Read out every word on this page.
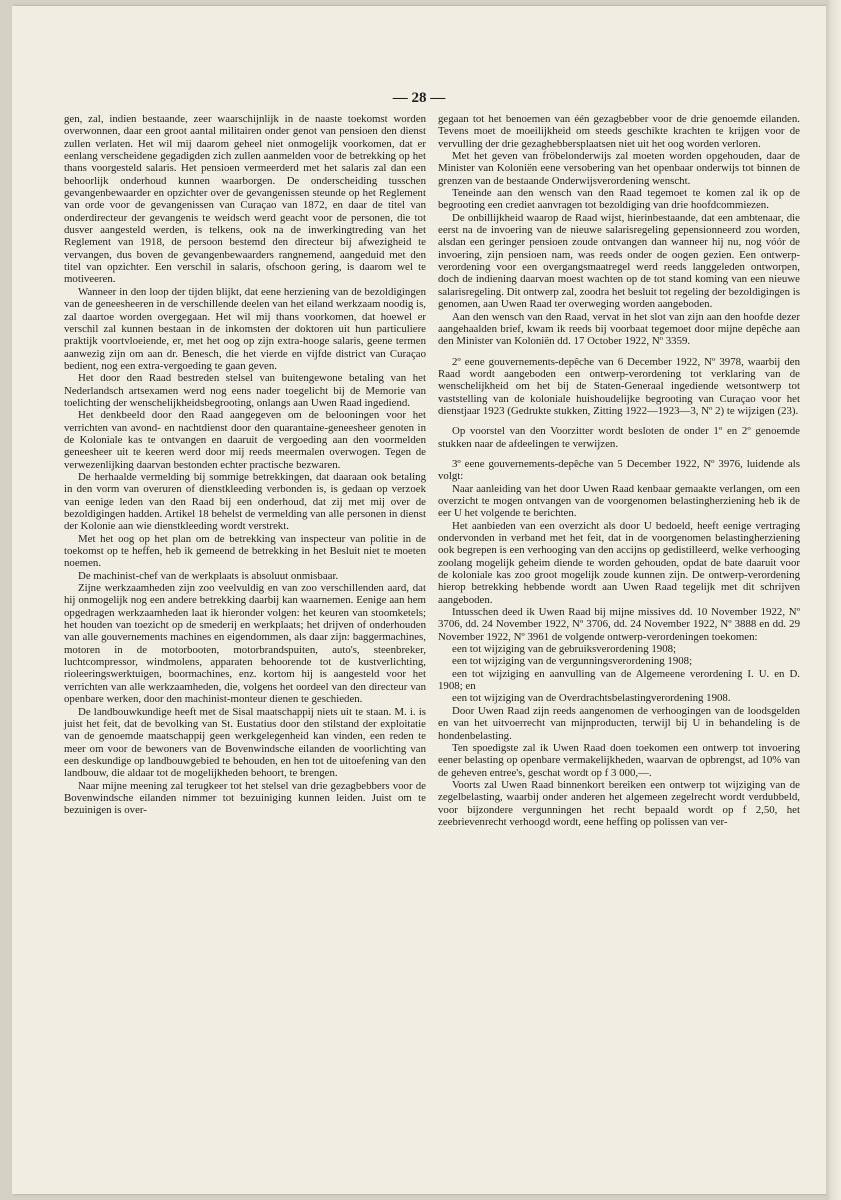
— 28 —

gen, zal, indien bestaande, zeer waarschijnlijk in de naaste toekomst worden overwonnen, daar een groot aantal militairen onder genot van pensioen den dienst zullen verlaten. Het wil mij daarom geheel niet onmogelijk voorkomen, dat er eenlang verscheidene gegadigden zich zullen aanmelden voor de betrekking op het thans voorgesteld salaris. Het pensioen vermeerderd met het salaris zal dan een behoorlijk onderhoud kunnen waarborgen. De onderscheiding tusschen gevangenbewaarder en opzichter over de gevangenissen steunde op het Reglement van orde voor de gevangenissen van Curaçao van 1872, en daar de titel van onderdirecteur der gevangenis te weidsch werd geacht voor de personen, die tot dusver aangesteld werden, is telkens, ook na de inwerkingtreding van het Reglement van 1918, de persoon bestemd den directeur bij afwezigheid te vervangen, dus boven de gevangenbewaarders rangnemend, aangeduid met den titel van opzichter. Een verschil in salaris, ofschoon gering, is daarom wel te motiveeren.

Wanneer in den loop der tijden blijkt, dat eene herziening van de bezoldigingen van de geneesheeren in de verschillende deelen van het eiland werkzaam noodig is, zal daartoe worden overgegaan. Het wil mij thans voorkomen, dat hoewel er verschil zal kunnen bestaan in de inkomsten der doktoren uit hun particuliere praktijk voortvloeiende, er, met het oog op zijn extra-hooge salaris, geene termen aanwezig zijn om aan dr. Benesch, die het vierde en vijfde district van Curaçao bedient, nog een extra-vergoeding te gaan geven.

Het door den Raad bestreden stelsel van buitengewone betaling van het Nederlandsch artsexamen werd nog eens nader toegelicht bij de Memorie van toelichting der wenschelijkheidsbegrooting, onlangs aan Uwen Raad ingediend.

Het denkbeeld door den Raad aangegeven om de belooningen voor het verrichten van avond- en nachtdienst door den quarantaine-geneesheer genoten in de Koloniale kas te ontvangen en daaruit de vergoeding aan den voormelden geneesheer uit te keeren werd door mij reeds meermalen overwogen. Tegen de verwezenlijking daarvan bestonden echter practische bezwaren.

De herhaalde vermelding bij sommige betrekkingen, dat daaraan ook betaling in den vorm van overuren of dienstkleeding verbonden is, is gedaan op verzoek van eenige leden van den Raad bij een onderhoud, dat zij met mij over de bezoldigingen hadden. Artikel 18 behelst de vermelding van alle personen in dienst der Kolonie aan wie dienstkleeding wordt verstrekt.

Met het oog op het plan om de betrekking van inspecteur van politie in de toekomst op te heffen, heb ik gemeend de betrekking in het Besluit niet te moeten noemen.

De machinist-chef van de werkplaats is absoluut onmisbaar.

Zijne werkzaamheden zijn zoo veelvuldig en van zoo verschillenden aard, dat hij onmogelijk nog een andere betrekking daarbij kan waarnemen. Eenige aan hem opgedragen werkzaamheden laat ik hieronder volgen: het keuren van stoomketels; het houden van toezicht op de smederij en werkplaats; het drijven of onderhouden van alle gouvernements machines en eigendommen, als daar zijn: baggermachines, motoren in de motorbooten, motorbrandspuiten, auto's, steenbreker, luchtcompressor, windmolens, apparaten behoorende tot de kustverlichting, rioleeringswerktuigen, boormachines, enz. kortom hij is aangesteld voor het verrichten van alle werkzaamheden, die, volgens het oordeel van den directeur van openbare werken, door den machinist-monteur dienen te geschieden.

De landbouwkundige heeft met de Sisal maatschappij niets uit te staan. M. i. is juist het feit, dat de bevolking van St. Eustatius door den stilstand der exploitatie van de genoemde maatschappij geen werkgelegenheid kan vinden, een reden te meer om voor de bewoners van de Bovenwindsche eilanden de voorlichting van een deskundige op landbouwgebied te behouden, en hen tot de uitoefening van den landbouw, die aldaar tot de mogelijkheden behoort, te brengen.

Naar mijne meening zal terugkeer tot het stelsel van drie gezagbebbers voor de Bovenwindsche eilanden nimmer tot bezuiniging kunnen leiden. Juist om te bezuinigen is over-

gegaan tot het benoemen van één gezagbebber voor de drie genoemde eilanden. Tevens moet de moeilijkheid om steeds geschikte krachten te krijgen voor de vervulling der drie gezaghebbersplaatsen niet uit het oog worden verloren.

Met het geven van fröbelonderwijs zal moeten worden opgehouden, daar de Minister van Koloniën eene versobering van het openbaar onderwijs tot binnen de grenzen van de bestaande Onderwijsverordening wenscht.

Teneinde aan den wensch van den Raad tegemoet te komen zal ik op de begrooting een crediet aanvragen tot bezoldiging van drie hoofdcommiezen.

De onbillijkheid waarop de Raad wijst, hierinbestaande, dat een ambtenaar, die eerst na de invoering van de nieuwe salarisregeling gepensionneerd zou worden, alsdan een geringer pensioen zoude ontvangen dan wanneer hij nu, nog vóór de invoering, zijn pensioen nam, was reeds onder de oogen gezien. Een ontwerp-verordening voor een overgangsmaatregel werd reeds langgeleden ontworpen, doch de indiening daarvan moest wachten op de tot stand koming van een nieuwe salarisregeling. Dit ontwerp zal, zoodra het besluit tot regeling der bezoldigingen is genomen, aan Uwen Raad ter overweging worden aangeboden.

Aan den wensch van den Raad, vervat in het slot van zijn aan den hoofde dezer aangehaalden brief, kwam ik reeds bij voorbaat tegemoet door mijne depêche aan den Minister van Koloniën dd. 17 October 1922, Nº 3359.

2º eene gouvernements-depêche van 6 December 1922, Nº 3978, waarbij den Raad wordt aangeboden een ontwerp-verordening tot verklaring van de wenschelijkheid om het bij de Staten-Generaal ingediende wetsontwerp tot vaststelling van de koloniale huishoudelijke begrooting van Curaçao voor het dienstjaar 1923 (Gedrukte stukken, Zitting 1922—1923—3, Nº 2) te wijzigen (23).

Op voorstel van den Voorzitter wordt besloten de onder 1º en 2º genoemde stukken naar de afdeelingen te verwijzen.

3º eene gouvernements-depêche van 5 December 1922, Nº 3976, luidende als volgt:

Naar aanleiding van het door Uwen Raad kenbaar gemaakte verlangen, om een overzicht te mogen ontvangen van de voorgenomen belastingherziening heb ik de eer U het volgende te berichten.

Het aanbieden van een overzicht als door U bedoeld, heeft eenige vertraging ondervonden in verband met het feit, dat in de voorgenomen belastingherziening ook begrepen is een verhooging van den accijns op gedistilleerd, welke verhooging zoolang mogelijk geheim diende te worden gehouden, opdat de bate daaruit voor de koloniale kas zoo groot mogelijk zoude kunnen zijn. De ontwerp-verordening hierop betrekking hebbende wordt aan Uwen Raad tegelijk met dit schrijven aangeboden.

Intusschen deed ik Uwen Raad bij mijne missives dd. 10 November 1922, Nº 3706, dd. 24 November 1922, Nº 3706, dd. 24 November 1922, Nº 3888 en dd. 29 November 1922, Nº 3961 de volgende ontwerp-verordeningen toekomen:

een tot wijziging van de gebruiksverordening 1908;

een tot wijziging van de vergunningsverordening 1908;

een tot wijziging en aanvulling van de Algemeene verordening I. U. en D. 1908; en

een tot wijziging van de Overdrachtsbelastingverordening 1908.

Door Uwen Raad zijn reeds aangenomen de verhoogingen van de loodsgelden en van het uitvoerrecht van mijnproducten, terwijl bij U in behandeling is de hondenbelasting.

Ten spoedigste zal ik Uwen Raad doen toekomen een ontwerp tot invoering eener belasting op openbare vermakelijkheden, waarvan de opbrengst, ad 10% van de geheven entree's, geschat wordt op f 3 000,—.

Voorts zal Uwen Raad binnenkort bereiken een ontwerp tot wijziging van de zegelbelasting, waarbij onder anderen het algemeen zegelrecht wordt verdubbeld, voor bijzondere vergunningen het recht bepaald wordt op f 2,50, het zeebrievenrecht verhoogd wordt, eene heffing op polissen van ver-
